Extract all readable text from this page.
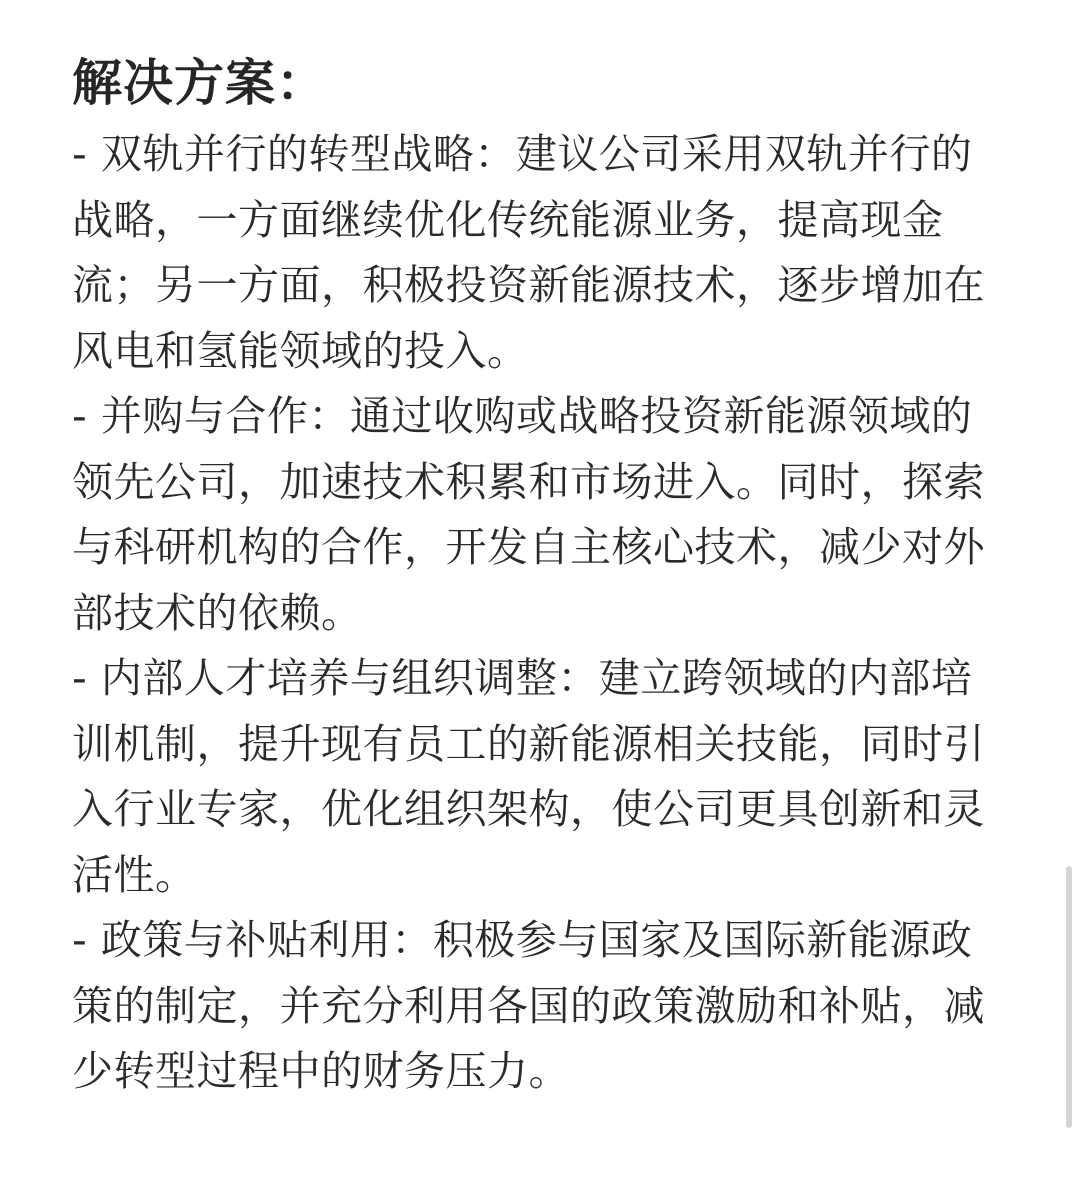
解决方案：

- 双轨并行的转型战略：建议公司采用双轨并行的战略，一方面继续优化传统能源业务，提高现金流；另一方面，积极投资新能源技术，逐步增加在风电和氢能领域的投入。

- 并购与合作：通过收购或战略投资新能源领域的领先公司，加速技术积累和市场进入。同时，探索与科研机构的合作，开发自主核心技术，减少对外部技术的依赖。

- 内部人才培养与组织调整：建立跨领域的内部培训机制，提升现有员工的新能源相关技能，同时引入行业专家，优化组织架构，使公司更具创新和灵活性。

- 政策与补贴利用：积极参与国家及国际新能源政策的制定，并充分利用各国的政策激励和补贴，减少转型过程中的财务压力。
